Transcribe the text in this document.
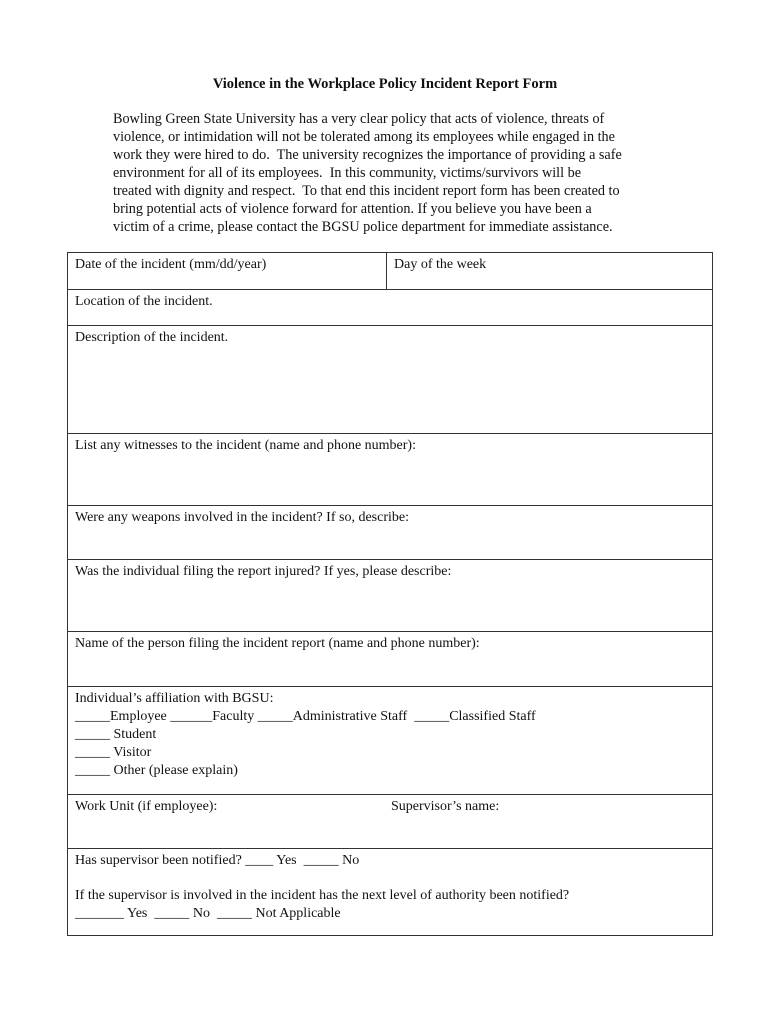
Violence in the Workplace Policy Incident Report Form
Bowling Green State University has a very clear policy that acts of violence, threats of
violence, or intimidation will not be tolerated among its employees while engaged in the
work they were hired to do.  The university recognizes the importance of providing a safe
environment for all of its employees.  In this community, victims/survivors will be
treated with dignity and respect.  To that end this incident report form has been created to
bring potential acts of violence forward for attention. If you believe you have been a
victim of a crime, please contact the BGSU police department for immediate assistance.
Date of the incident (mm/dd/year)	Day of the week
Location of the incident.
Description of the incident.
List any witnesses to the incident (name and phone number):
Were any weapons involved in the incident? If so, describe:
Was the individual filing the report injured? If yes, please describe:
Name of the person filing the incident report (name and phone number):
Individual’s affiliation with BGSU:
_____Employee ______Faculty _____Administrative Staff  _____Classified Staff
_____ Student
_____ Visitor
_____ Other (please explain)
Work Unit (if employee):	Supervisor’s name:
Has supervisor been notified? ____ Yes  _____ No
If the supervisor is involved in the incident has the next level of authority been notified?
_______ Yes  _____ No  _____ Not Applicable
